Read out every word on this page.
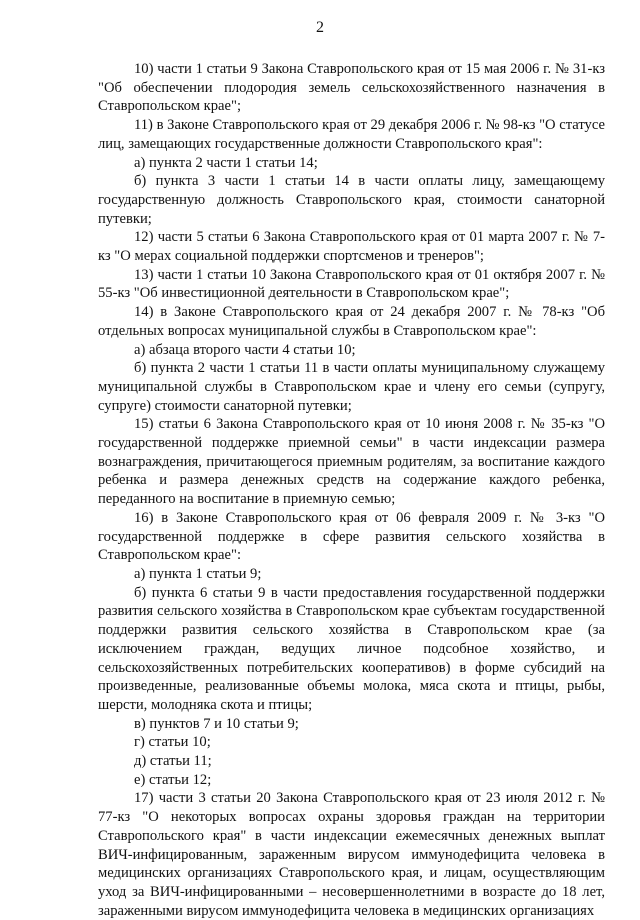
2

10) части 1 статьи 9 Закона Ставропольского края от 15 мая 2006 г. № 31-кз "Об обеспечении плодородия земель сельскохозяйственного назначения в Ставропольском крае";

11) в Законе Ставропольского края от 29 декабря 2006 г. № 98-кз "О статусе лиц, замещающих государственные должности Ставропольского края":

а) пункта 2 части 1 статьи 14;

б) пункта 3 части 1 статьи 14 в части оплаты лицу, замещающему государственную должность Ставропольского края, стоимости санаторной путевки;

12) части 5 статьи 6 Закона Ставропольского края от 01 марта 2007 г. № 7-кз "О мерах социальной поддержки спортсменов и тренеров";

13) части 1 статьи 10 Закона Ставропольского края от 01 октября 2007 г. № 55-кз "Об инвестиционной деятельности в Ставропольском крае";

14) в Законе Ставропольского края от 24 декабря 2007 г. № 78-кз "Об отдельных вопросах муниципальной службы в Ставропольском крае":

а) абзаца второго части 4 статьи 10;

б) пункта 2 части 1 статьи 11 в части оплаты муниципальному служащему муниципальной службы в Ставропольском крае и члену его семьи (супругу, супруге) стоимости санаторной путевки;

15) статьи 6 Закона Ставропольского края от 10 июня 2008 г. № 35-кз "О государственной поддержке приемной семьи" в части индексации размера вознаграждения, причитающегося приемным родителям, за воспитание каждого ребенка и размера денежных средств на содержание каждого ребенка, переданного на воспитание в приемную семью;

16) в Законе Ставропольского края от 06 февраля 2009 г. № 3-кз "О государственной поддержке в сфере развития сельского хозяйства в Ставропольском крае":

а) пункта 1 статьи 9;

б) пункта 6 статьи 9 в части предоставления государственной поддержки развития сельского хозяйства в Ставропольском крае субъектам государственной поддержки развития сельского хозяйства в Ставропольском крае (за исключением граждан, ведущих личное подсобное хозяйство, и сельскохозяйственных потребительских кооперативов) в форме субсидий на произведенные, реализованные объемы молока, мяса скота и птицы, рыбы, шерсти, молодняка скота и птицы;

в) пунктов 7 и 10 статьи 9;

г) статьи 10;

д) статьи 11;

е) статьи 12;

17) части 3 статьи 20 Закона Ставропольского края от 23 июля 2012 г. № 77-кз "О некоторых вопросах охраны здоровья граждан на территории Ставропольского края" в части индексации ежемесячных денежных выплат ВИЧ-инфицированным, зараженным вирусом иммунодефицита человека в медицинских организациях Ставропольского края, и лицам, осуществляющим уход за ВИЧ-инфицированными – несовершеннолетними в возрасте до 18 лет, зараженными вирусом иммунодефицита человека в медицинских организациях
